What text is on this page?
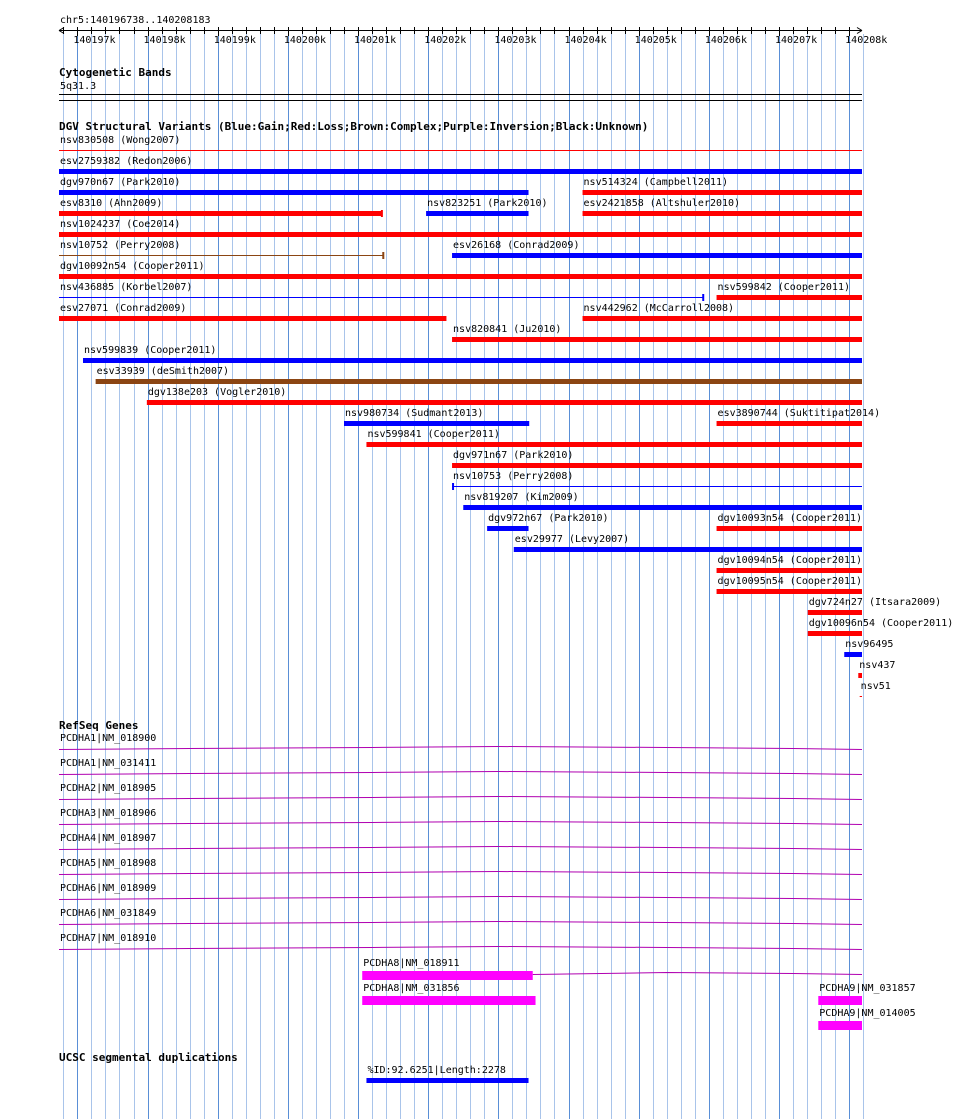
chr5:140196738..140208183
140197k	140198k	140199k	140200k	140201k	140202k	140203k	140204k	140205k	140206k	140207k	140208k
Cytogenetic Bands
5q31.3
DGV Structural Variants (Blue:Gain;Red:Loss;Brown:Complex;Purple:Inversion;Black:Unknown)
nsv830508 (Wong2007)
esv2759382 (Redon2006)
dgv970n67 (Park2010)	nsv514324 (Campbell2011)
esv8310 (Ahn2009)	nsv823251 (Park2010)	esv2421858 (Altshuler2010)
nsv1024237 (Coe2014)
nsv10752 (Perry2008)	esv26168 (Conrad2009)
dgv10092n54 (Cooper2011)
nsv436885 (Korbel2007)	nsv599842 (Cooper2011)
esv27071 (Conrad2009)
nsv820841 (Ju2010)
nsv599839 (Cooper2011)
esv33939 (deSmith2007)
dgv138e203 (Vogler2010)
nsv980734 (Sudmant2013)
nsv442962 (McCarroll2008)
nsv599841 (Cooper2011)
dgv971n67 (Park2010)
nsv10753 (Perry2008)
nsv819207 (Kim2009)
dgv972n67 (Park2010)
esv3890744 (Suktitipat2014)
esv29977 (Levy2007)
dgv10093n54 (Cooper2011)
dgv10094n54 (Cooper2011)
dgv10095n54 (Cooper2011)
dgv724n27 (Itsara2009)
dgv10096n54 (Cooper2011)
nsv96495
nsv437
nsv51
RefSeq Genes
PCDHA1|NM_018900
PCDHA1|NM_031411
PCDHA2|NM_018905
PCDHA3|NM_018906
PCDHA4|NM_018907
PCDHA5|NM_018908
PCDHA6|NM_018909
PCDHA6|NM_031849
PCDHA7|NM_018910
PCDHA8|NM_018911
PCDHA8|NM_031856	PCDHA9|NM_031857
PCDHA9|NM_014005
UCSC segmental duplications
%ID:92.6251|Length:2278
